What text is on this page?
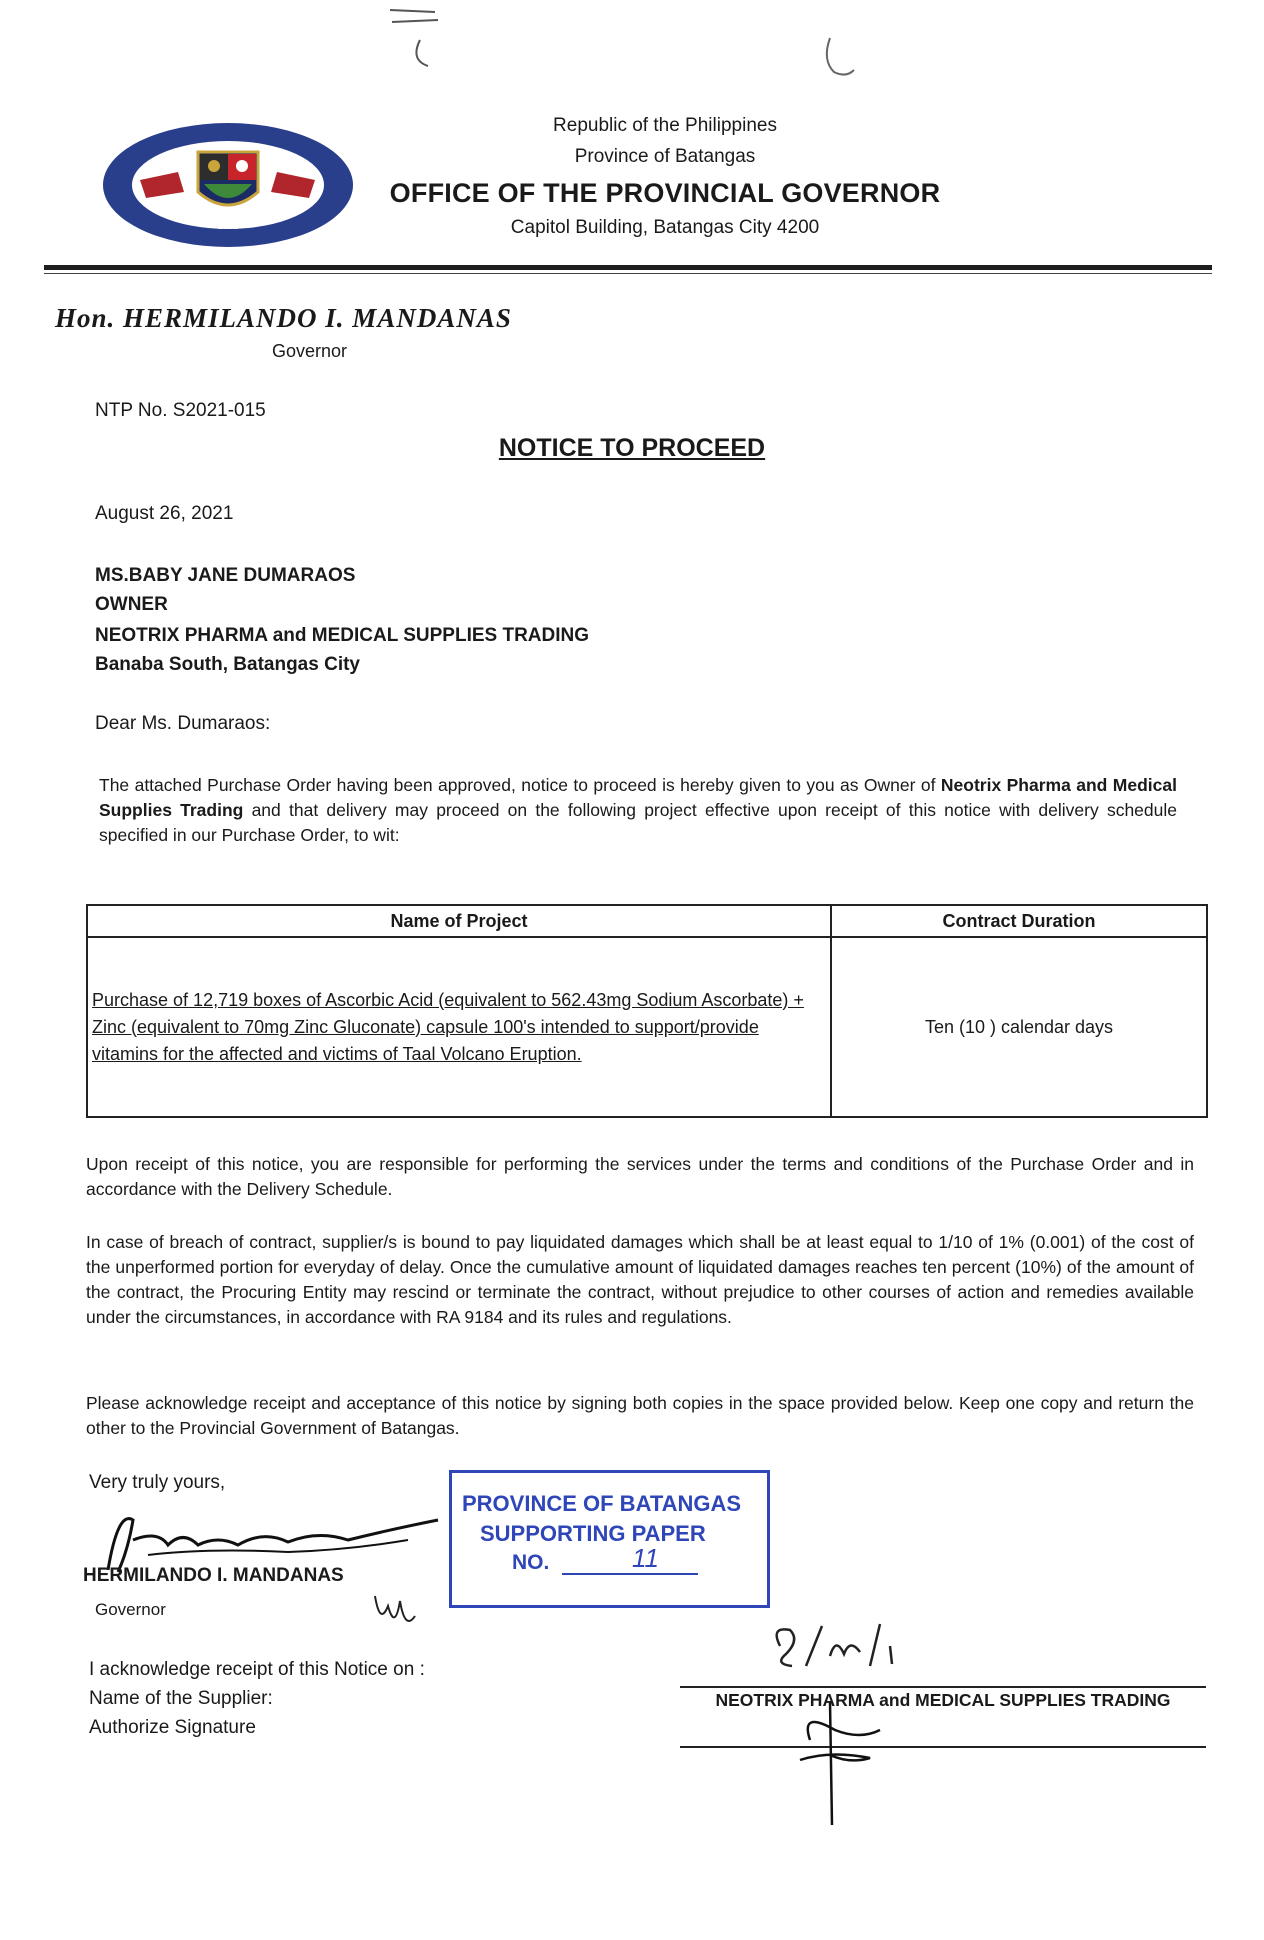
1581
Republic of the Philippines
Province of Batangas
OFFICE OF THE PROVINCIAL GOVERNOR
Capitol Building, Batangas City 4200
Hon. HERMILANDO I. MANDANAS
Governor
NTP No. S2021-015
NOTICE TO PROCEED
August 26, 2021
MS.BABY JANE DUMARAOS
OWNER
NEOTRIX PHARMA and MEDICAL SUPPLIES TRADING
Banaba South, Batangas City
Dear Ms. Dumaraos:
The attached Purchase Order having been approved, notice to proceed is hereby given to you as Owner of Neotrix Pharma and Medical Supplies Trading and that delivery may proceed on the following project effective upon receipt of this notice with delivery schedule specified in our Purchase Order, to wit:
Name of Project	Contract Duration

Purchase of 12,719 boxes of Ascorbic Acid (equivalent to 562.43mg Sodium Ascorbate) + Zinc (equivalent to 70mg Zinc Gluconate) capsule 100's intended to support/provide vitamins for the affected and victims of Taal Volcano Eruption.	Ten (10 ) calendar days
Upon receipt of this notice, you are responsible for performing the services under the terms and conditions of the Purchase Order and in accordance with the Delivery Schedule.
In case of breach of contract, supplier/s is bound to pay liquidated damages which shall be at least equal to 1/10 of 1% (0.001) of the cost of the unperformed portion for everyday of delay. Once the cumulative amount of liquidated damages reaches ten percent (10%) of the amount of the contract, the Procuring Entity may rescind or terminate the contract, without prejudice to other courses of action and remedies available under the circumstances, in accordance with RA 9184 and its rules and regulations.
Please acknowledge receipt and acceptance of this notice by signing both copies in the space provided below. Keep one copy and return the other to the Provincial Government of Batangas.
Very truly yours,
HERMILANDO I. MANDANAS
Governor
PROVINCE OF BATANGAS
SUPPORTING PAPER
NO.	11
I acknowledge receipt of this Notice on :
Name of the Supplier:
Authorize Signature
NEOTRIX PHARMA and MEDICAL SUPPLIES TRADING
